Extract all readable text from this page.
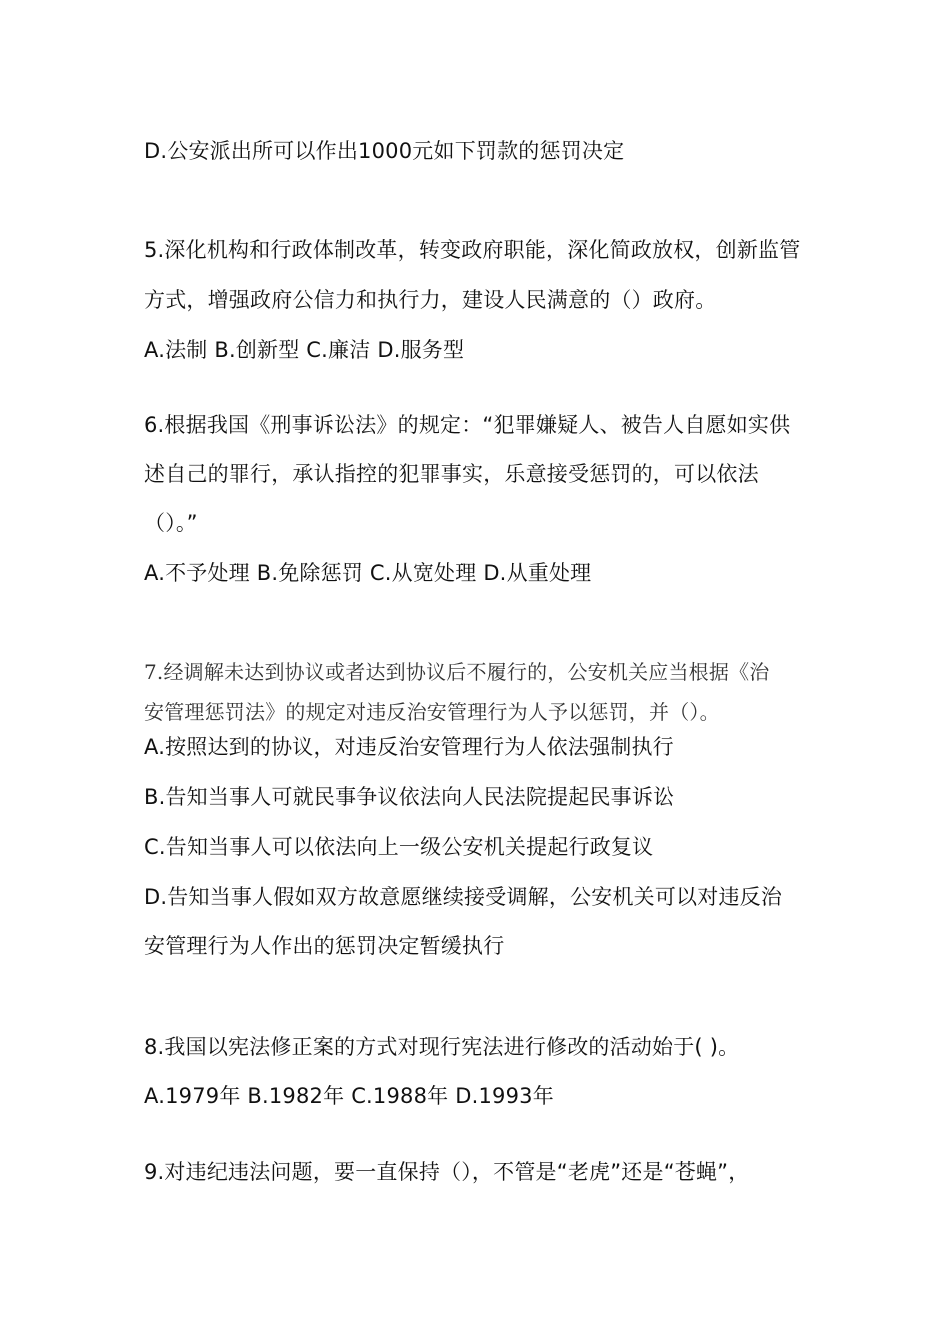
D.公安派出所可以作出1000元如下罚款的惩罚决定
5.深化机构和行政体制改革，转变政府职能，深化简政放权，创新监管
方式，增强政府公信力和执行力，建设人民满意的（）政府。
A.法制 B.创新型 C.廉洁 D.服务型
6.根据我国《刑事诉讼法》的规定：“犯罪嫌疑人、被告人自愿如实供
述自己的罪行，承认指控的犯罪事实，乐意接受惩罚的，可以依法
（）。”
A.不予处理 B.免除惩罚 C.从宽处理 D.从重处理
7.经调解未达到协议或者达到协议后不履行的，公安机关应当根据《治
安管理惩罚法》的规定对违反治安管理行为人予以惩罚，并（）。
A.按照达到的协议，对违反治安管理行为人依法强制执行
B.告知当事人可就民事争议依法向人民法院提起民事诉讼
C.告知当事人可以依法向上一级公安机关提起行政复议
D.告知当事人假如双方故意愿继续接受调解，公安机关可以对违反治
安管理行为人作出的惩罚决定暂缓执行
8.我国以宪法修正案的方式对现行宪法进行修改的活动始于( )。
A.1979年 B.1982年 C.1988年 D.1993年
9.对违纪违法问题，要一直保持（），不管是“老虎”还是“苍蝇”，
